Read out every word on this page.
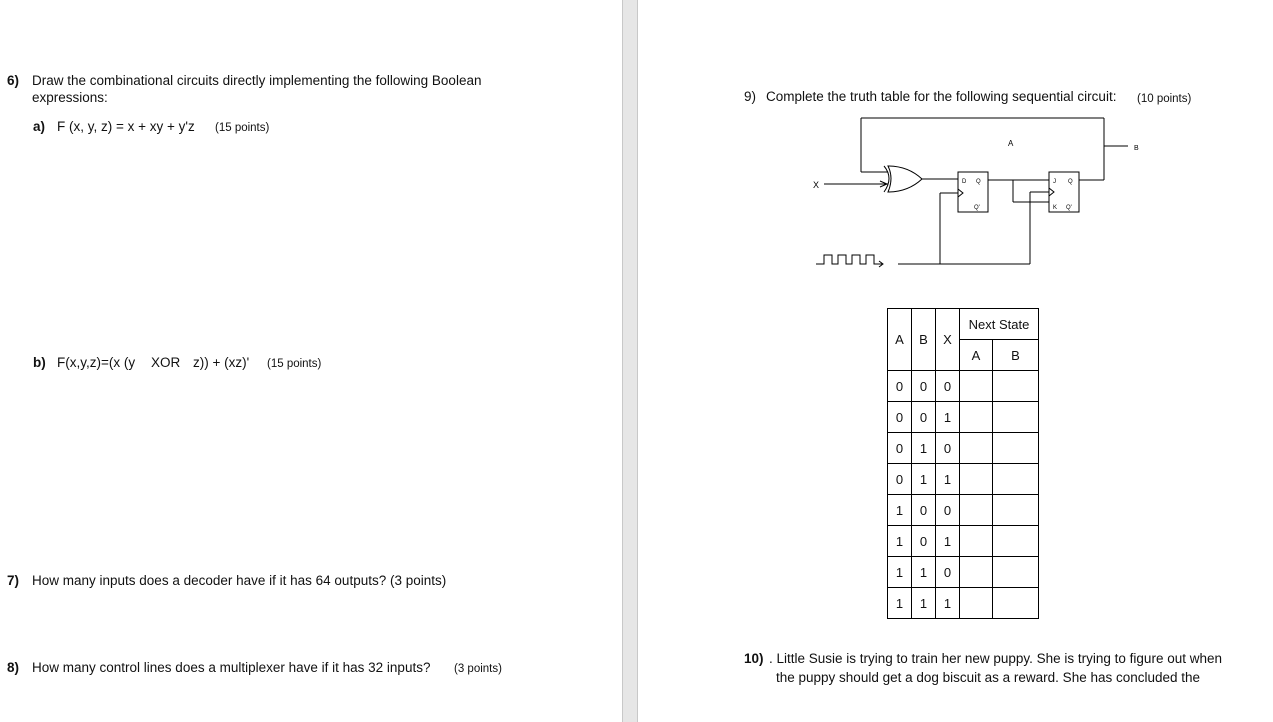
6) Draw the combinational circuits directly implementing the following Boolean
expressions:
a) F (x, y, z) = x + xy + y'z (15 points)
b) F(x,y,z)=(x (y XOR z)) + (xz)' (15 points)
7) How many inputs does a decoder have if it has 64 outputs? (3 points)
8) How many control lines does a multiplexer have if it has 32 inputs? (3 points)
9) Complete the truth table for the following sequential circuit: (10 points)
X
A
B
D Q
Q'
J Q
K Q'
A	B	X	Next State	
			A	B
0	0	0		
0	0	1		
0	1	0		
0	1	1		
1	0	0		
1	0	1		
1	1	0		
1	1	1		
10) . Little Susie is trying to train her new puppy. She is trying to figure out when
the puppy should get a dog biscuit as a reward. She has concluded the
